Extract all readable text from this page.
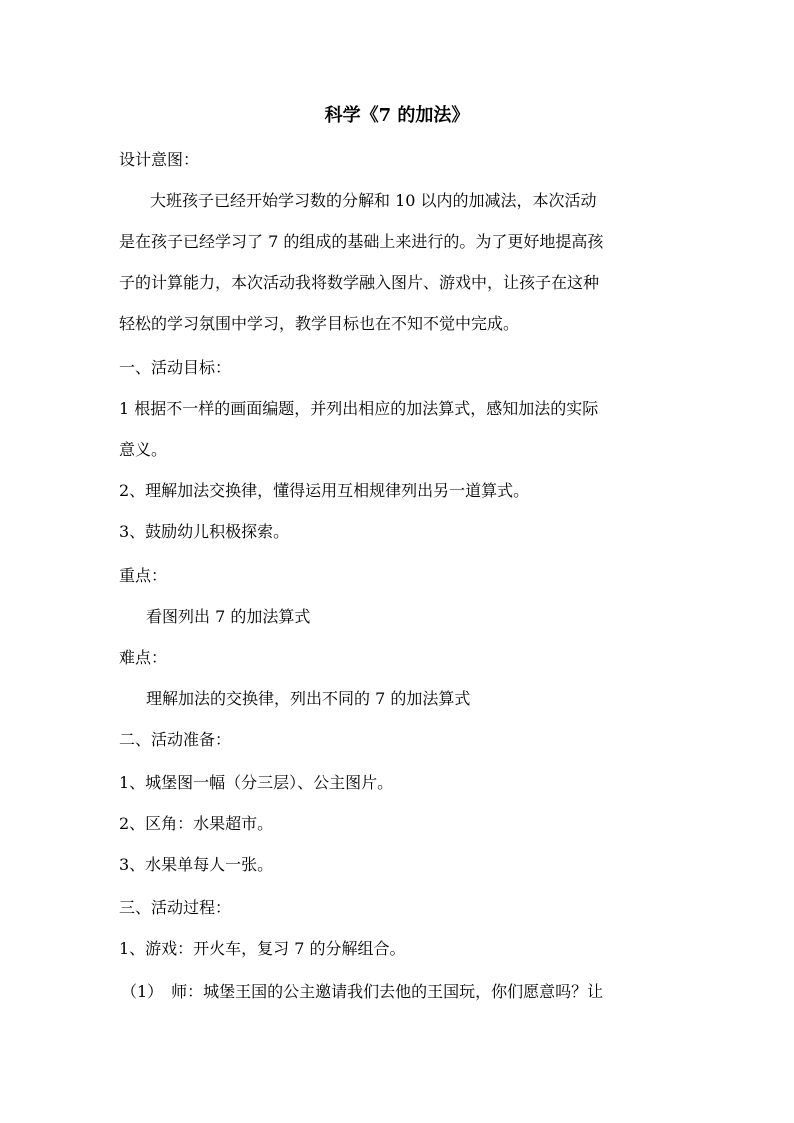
科学《7 的加法》
设计意图：
大班孩子已经开始学习数的分解和 10 以内的加减法，本次活动
是在孩子已经学习了 7 的组成的基础上来进行的。为了更好地提高孩
子的计算能力，本次活动我将数学融入图片、游戏中，让孩子在这种
轻松的学习氛围中学习，教学目标也在不知不觉中完成。
一、活动目标：
1 根据不一样的画面编题，并列出相应的加法算式，感知加法的实际
意义。
2、理解加法交换律，懂得运用互相规律列出另一道算式。
3、鼓励幼儿积极探索。
重点：
看图列出 7 的加法算式
难点：
理解加法的交换律，列出不同的 7 的加法算式
二、活动准备：
1、城堡图一幅（分三层）、公主图片。
2、区角：水果超市。
3、水果单每人一张。
三、活动过程：
1、游戏：开火车，复习 7 的分解组合。
（1）　师：城堡王国的公主邀请我们去他的王国玩，你们愿意吗？让
